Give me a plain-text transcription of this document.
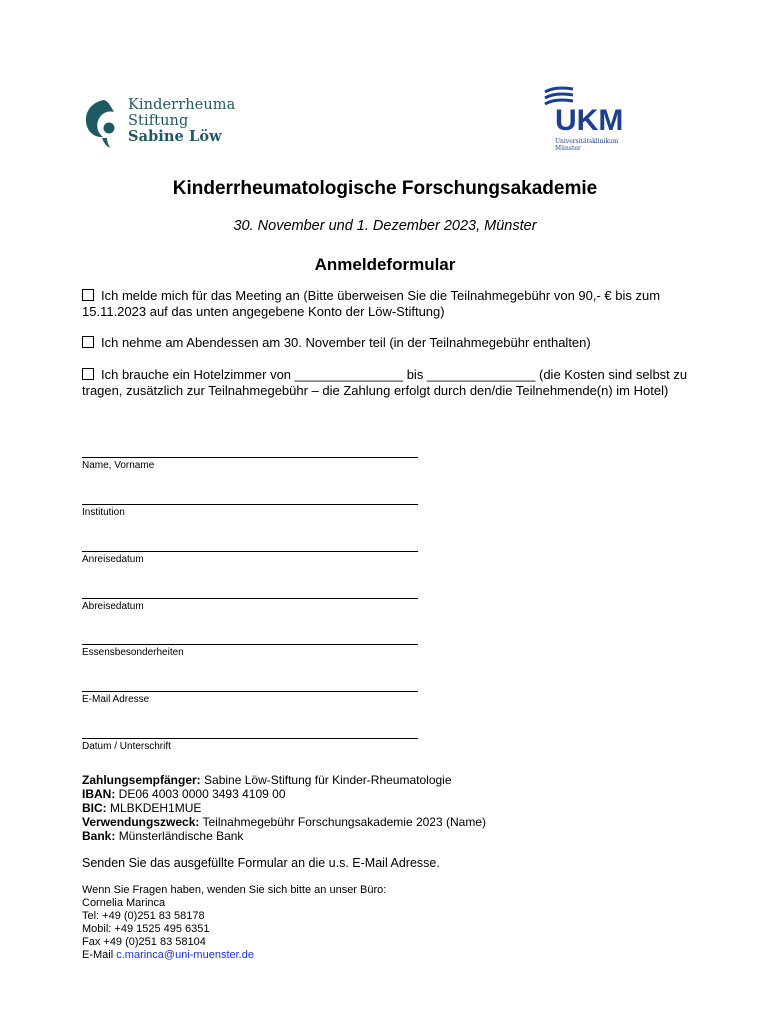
Kinderrheuma
Stiftung
Sabine Löw	UKM
Universitätsklinikum
Münster
Kinderrheumatologische Forschungsakademie
30. November und 1. Dezember 2023, Münster
Anmeldeformular
Ich melde mich für das Meeting an (Bitte überweisen Sie die Teilnahmegebühr von 90,- € bis zum 15.11.2023 auf das unten angegebene Konto der Löw-Stiftung)
Ich nehme am Abendessen am 30. November teil (in der Teilnahmegebühr enthalten)
Ich brauche ein Hotelzimmer von _______________ bis _______________ (die Kosten sind selbst zu tragen, zusätzlich zur Teilnahmegebühr – die Zahlung erfolgt durch den/die Teilnehmende(n) im Hotel)
Name, Vorname
Institution
Anreisedatum
Abreisedatum
Essensbesonderheiten
E-Mail Adresse
Datum / Unterschrift
Zahlungsempfänger: Sabine Löw-Stiftung für Kinder-Rheumatologie
IBAN: DE06 4003 0000 3493 4109 00
BIC: MLBKDEH1MUE
Verwendungszweck: Teilnahmegebühr Forschungsakademie 2023 (Name)
Bank: Münsterländische Bank
Senden Sie das ausgefüllte Formular an die u.s. E-Mail Adresse.
Wenn Sie Fragen haben, wenden Sie sich bitte an unser Büro:
Cornelia Marinca
Tel: +49 (0)251 83 58178
Mobil: +49 1525 495 6351
Fax +49 (0)251 83 58104
E-Mail c.marinca@uni-muenster.de
